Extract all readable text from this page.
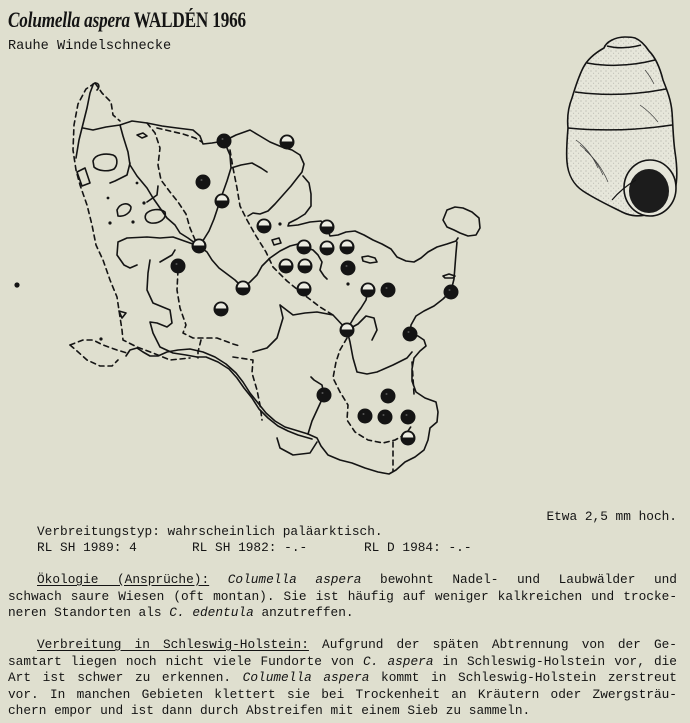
Columella aspera WALDÉN 1966
Rauhe Windelschnecke
Etwa 2,5 mm hoch.
Verbreitungstyp: wahrscheinlich paläarktisch.
RL SH 1989: 4	RL SH 1982: -.-	RL D 1984: -.-
Ökologie (Ansprüche): Columella aspera bewohnt Nadel- und Laubwälder und
schwach saure Wiesen (oft montan). Sie ist häufig auf weniger kalkreichen und trocke-
neren Standorten als C. edentula anzutreffen.
Verbreitung in Schleswig-Holstein: Aufgrund der späten Abtrennung von der Ge-
samtart liegen noch nicht viele Fundorte von C. aspera in Schleswig-Holstein vor, die
Art ist schwer zu erkennen. Columella aspera kommt in Schleswig-Holstein zerstreut
vor. In manchen Gebieten klettert sie bei Trockenheit an Kräutern oder Zwergsträu-
chern empor und ist dann durch Abstreifen mit einem Sieb zu sammeln.
